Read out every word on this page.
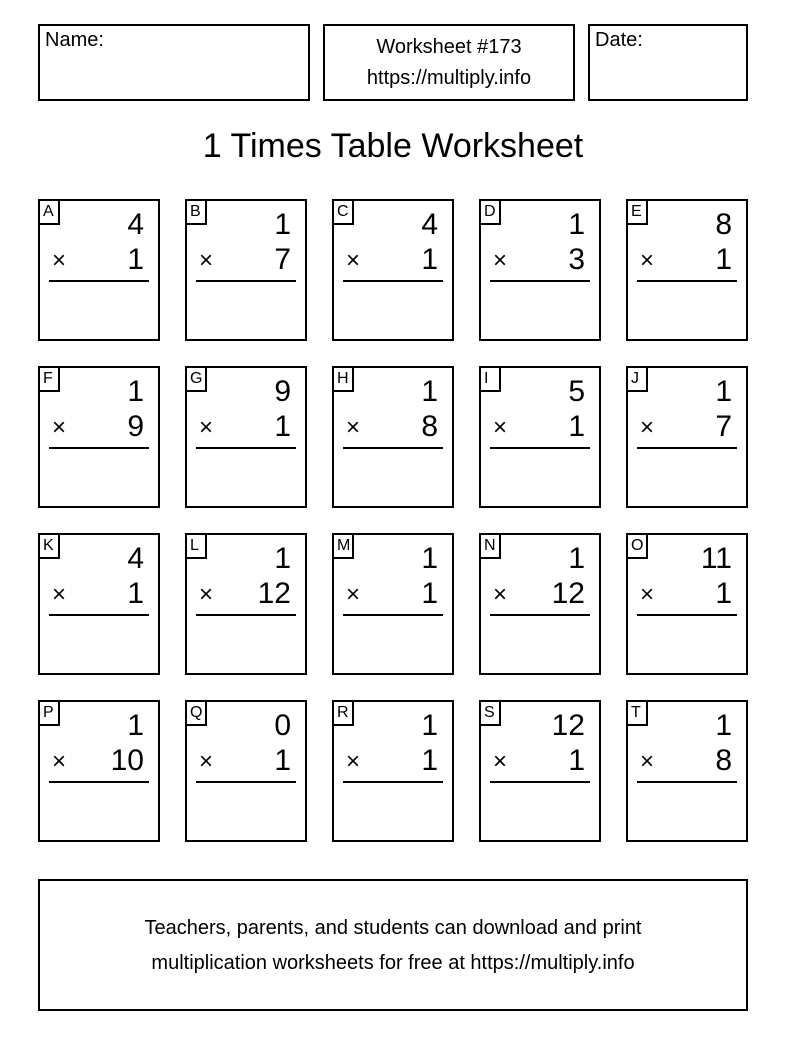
Name:	Worksheet #173
https://multiply.info
Date:
1 Times Table Worksheet
A 4
× 1
B 1
× 7
C 4
× 1
D 1
× 3
E 8
× 1
F 1
× 9
G 9
× 1
H 1
× 8
I	5
× 1
J	1
× 7
K 4
× 1
L	1
× 12
M 1
× 1
N 1
× 12
O 11
× 1
P 1
× 10
Q 0
× 1
R 1
× 1
S 12
× 1
T 1
× 8
Teachers, parents, and students can download and print
multiplication worksheets for free at https://multiply.info
